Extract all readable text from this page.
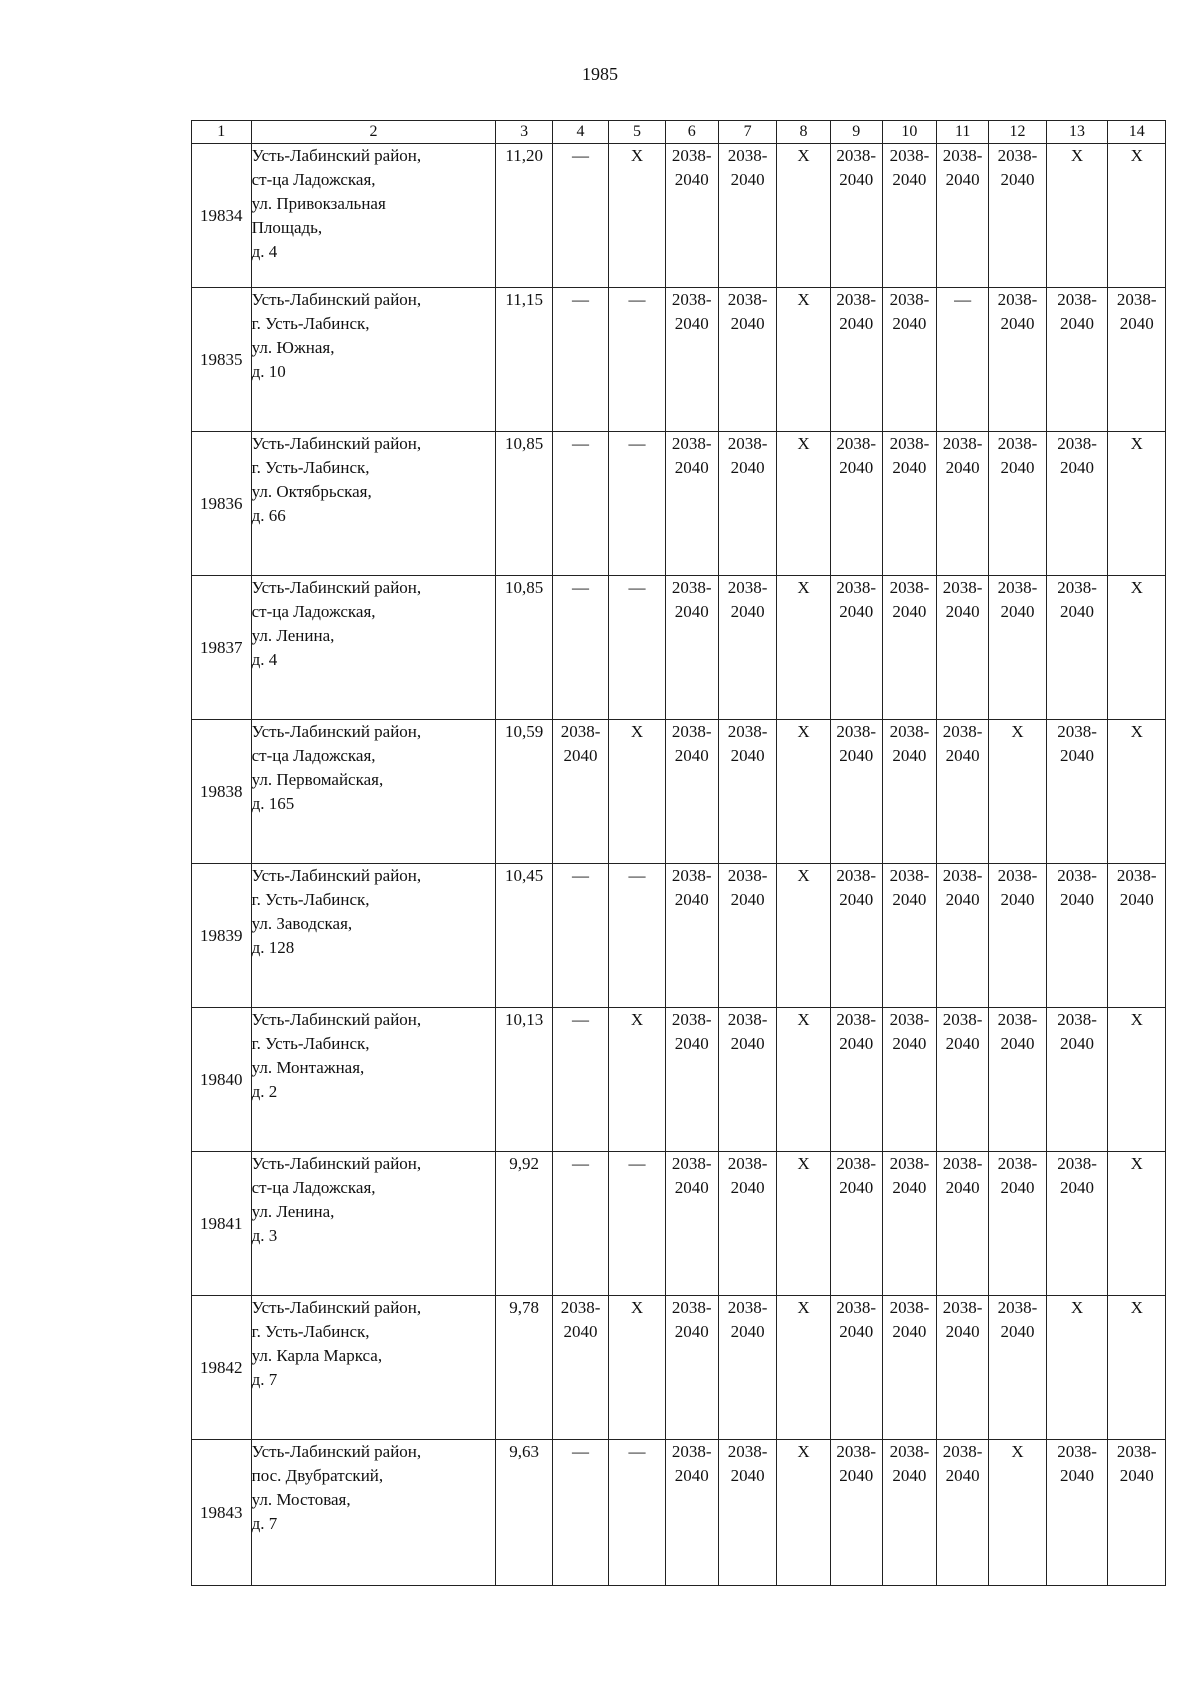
1985
1	2	3	4	5	6	7	8	9	10	11	12	13	14
19834	Усть-Лабинский район,
ст-ца Ладожская,
ул. Привокзальная
Площадь,
д. 4	11,20	—	X	2038-
2040	2038-
2040	X	2038-
2040	2038-
2040	2038-
2040	2038-
2040	X	X
19835	Усть-Лабинский район,
г. Усть-Лабинск,
ул. Южная,
д. 10	11,15	—	—	2038-
2040	2038-
2040	X	2038-
2040	2038-
2040	—	2038-
2040	2038-
2040	2038-
2040

19836	Усть-Лабинский район,
г. Усть-Лабинск,
ул. Октябрьская,
д. 66	10,85	—	—	2038-
2040	2038-
2040	X	2038-
2040	2038-
2040	2038-
2040	2038-
2040	2038-
2040	X
19837	Усть-Лабинский район,
ст-ца Ладожская,
ул. Ленина,
д. 4	10,85	—	—	2038-
2040	2038-
2040	X	2038-
2040	2038-
2040	2038-
2040	2038-
2040	2038-
2040	X
19838	Усть-Лабинский район,
ст-ца Ладожская,
ул. Первомайская,
д. 165	10,59	2038-
2040	X	2038-
2040	2038-
2040	X	2038-
2040	2038-
2040	2038-
2040	X	2038-
2040	X
19839	Усть-Лабинский район,
г. Усть-Лабинск,
ул. Заводская,
д. 128	10,45	—	—	2038-
2040	2038-
2040	X	2038-
2040	2038-
2040	2038-
2040	2038-
2040	2038-
2040	2038-
2040

19840	Усть-Лабинский район,
г. Усть-Лабинск,
ул. Монтажная,
д. 2	10,13	—	X	2038-
2040	2038-
2040	X	2038-
2040	2038-
2040	2038-
2040	2038-
2040	2038-
2040	X
19841	Усть-Лабинский район,
ст-ца Ладожская,
ул. Ленина,
д. 3	9,92	—	—	2038-
2040	2038-
2040	X	2038-
2040	2038-
2040	2038-
2040	2038-
2040	2038-
2040	X
19842	Усть-Лабинский район,
г. Усть-Лабинск,
ул. Карла Маркса,
д. 7	9,78	2038-
2040	X	2038-
2040	2038-
2040	X	2038-
2040	2038-
2040	2038-
2040	2038-
2040	X	X
19843	Усть-Лабинский район,
пос. Двубратский,
ул. Мостовая,
д. 7	9,63	—	—	2038-
2040	2038-
2040	X	2038-
2040	2038-
2040	2038-
2040	X	2038-
2040	2038-
2040
